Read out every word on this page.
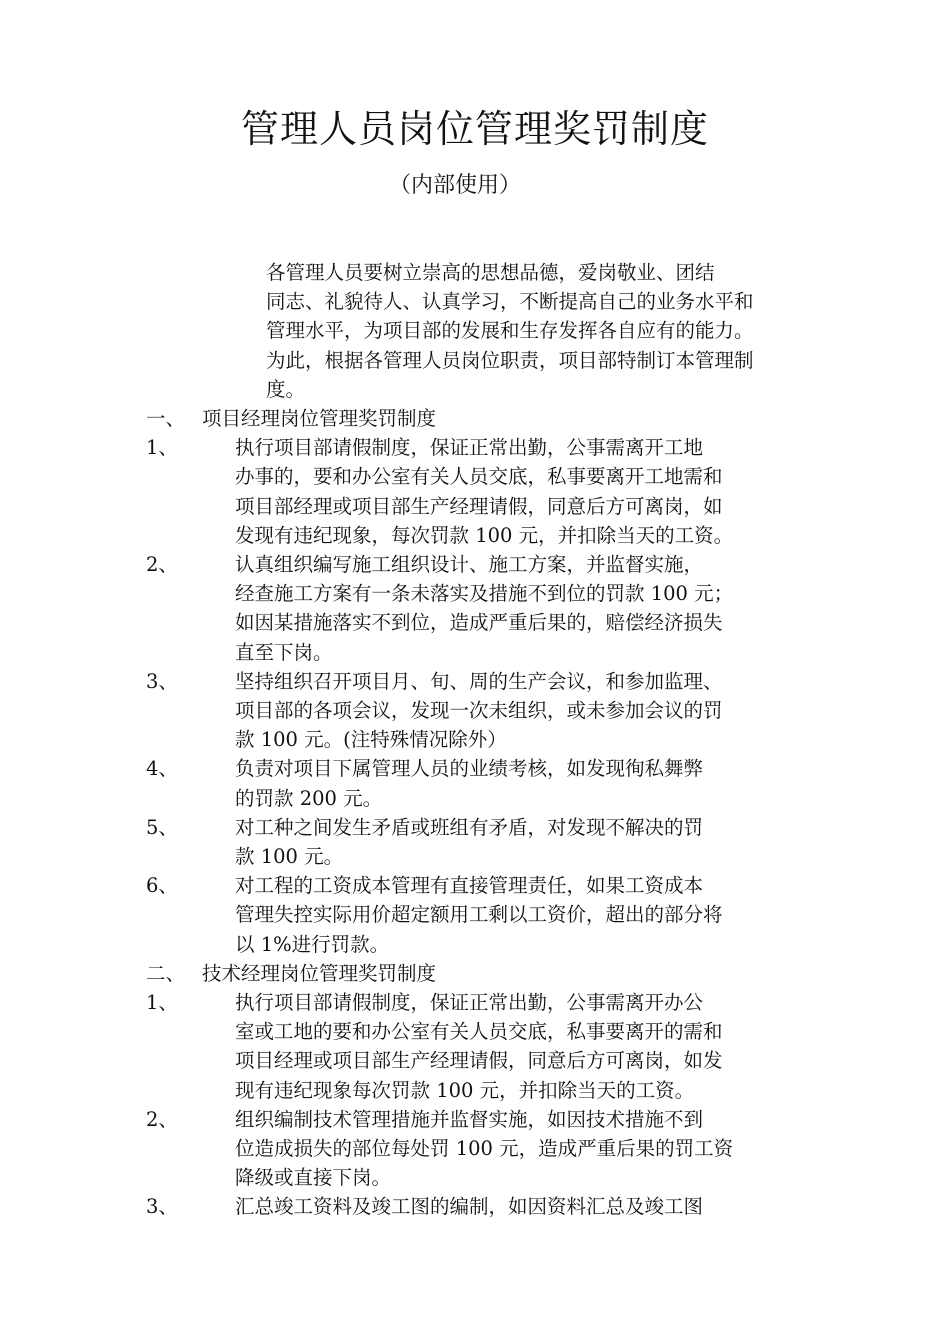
管理人员岗位管理奖罚制度
（内部使用）
各管理人员要树立崇高的思想品德，爱岗敬业、团结
同志、礼貌待人、认真学习，不断提高自己的业务水平和
管理水平，为项目部的发展和生存发挥各自应有的能力。
为此，根据各管理人员岗位职责，项目部特制订本管理制
度。
一、 项目经理岗位管理奖罚制度
1、	执行项目部请假制度，保证正常出勤，公事需离开工地
办事的，要和办公室有关人员交底，私事要离开工地需和
项目部经理或项目部生产经理请假，同意后方可离岗，如
发现有违纪现象，每次罚款 100 元，并扣除当天的工资。
2、	认真组织编写施工组织设计、施工方案，并监督实施，
经查施工方案有一条未落实及措施不到位的罚款 100 元；
如因某措施落实不到位，造成严重后果的，赔偿经济损失
直至下岗。
3、	坚持组织召开项目月、旬、周的生产会议，和参加监理、
项目部的各项会议，发现一次未组织，或未参加会议的罚
款 100 元。(注特殊情况除外）
4、	负责对项目下属管理人员的业绩考核，如发现徇私舞弊
的罚款 200 元。
5、	对工种之间发生矛盾或班组有矛盾，对发现不解决的罚
款 100 元。
6、	对工程的工资成本管理有直接管理责任，如果工资成本
管理失控实际用价超定额用工剩以工资价，超出的部分将
以 1%进行罚款。
二、 技术经理岗位管理奖罚制度
1、	执行项目部请假制度，保证正常出勤，公事需离开办公
室或工地的要和办公室有关人员交底，私事要离开的需和
项目经理或项目部生产经理请假，同意后方可离岗，如发
现有违纪现象每次罚款 100 元，并扣除当天的工资。
2、	组织编制技术管理措施并监督实施，如因技术措施不到
位造成损失的部位每处罚 100 元，造成严重后果的罚工资
降级或直接下岗。
3、	汇总竣工资料及竣工图的编制，如因资料汇总及竣工图
